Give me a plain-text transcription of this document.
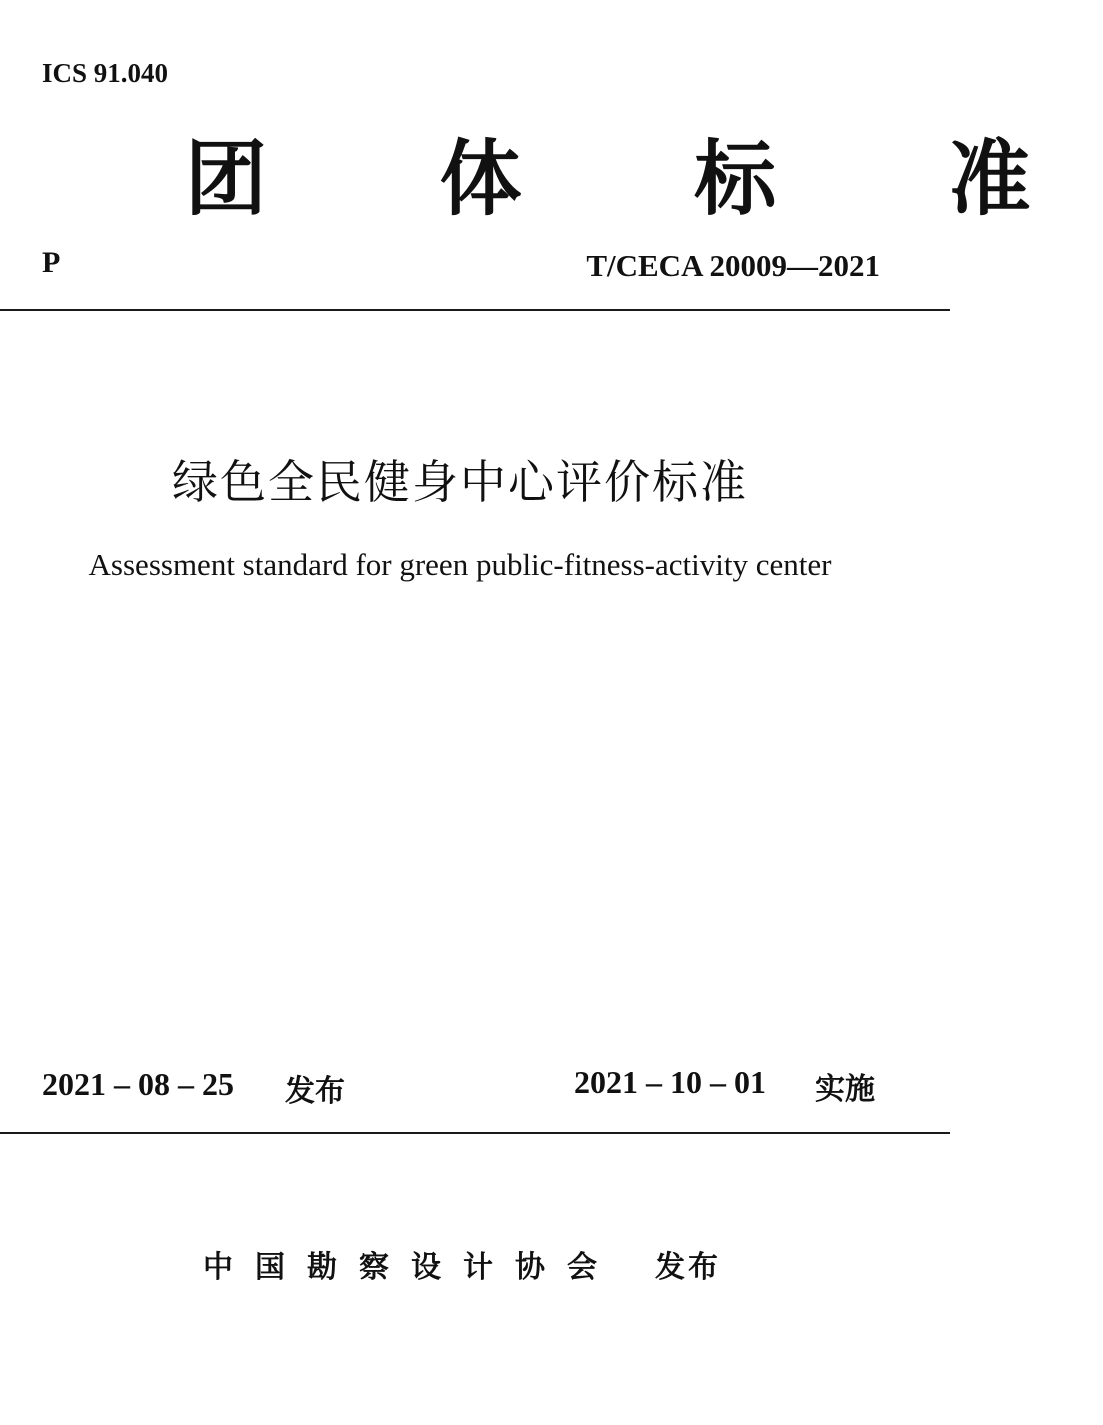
ICS 91.040
团 体 标 准
P	T/CECA 20009—2021
绿色全民健身中心评价标准
Assessment standard for green public-fitness-activity center
2021 – 08 – 25 发布	2021 – 10 – 01 实施
中国勘察设计协会 发布
